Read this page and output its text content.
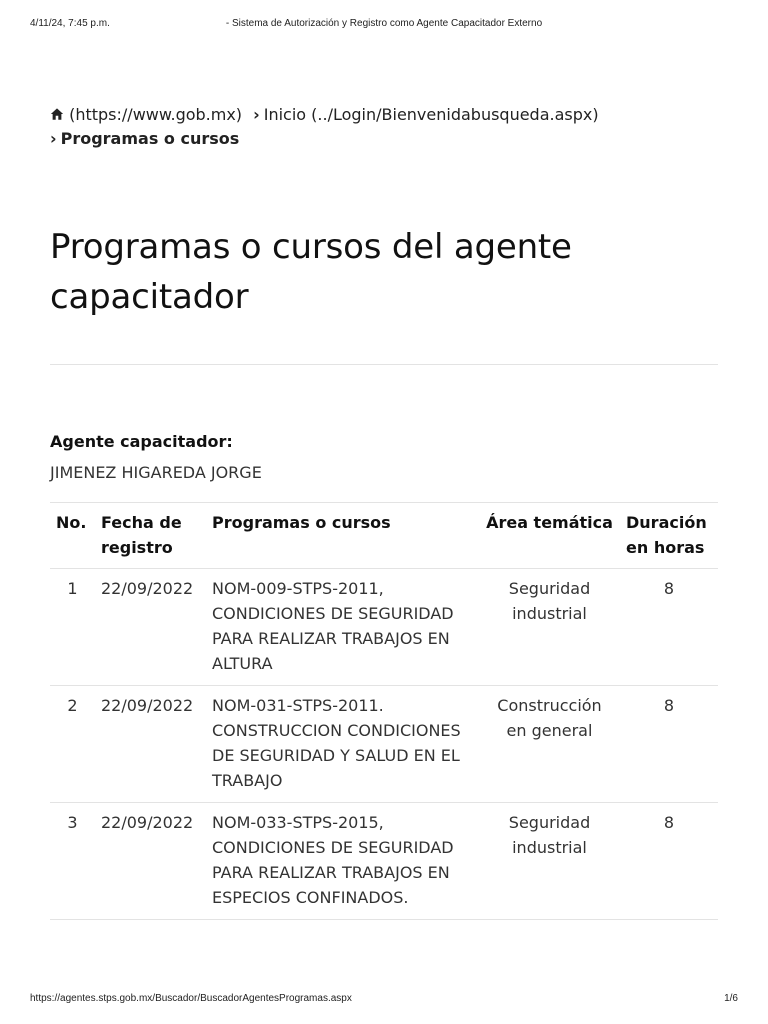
4/11/24, 7:45 p.m.	- Sistema de Autorización y Registro como Agente Capacitador Externo
(https://www.gob.mx) › Inicio (../Login/Bienvenidabusqueda.aspx)
› Programas o cursos
Programas o cursos del agente capacitador
Agente capacitador:
JIMENEZ HIGAREDA JORGE
No.	Fecha de registro	Programas o cursos	Área temática	Duración en horas
1	22/09/2022	NOM-009-STPS-2011, CONDICIONES DE SEGURIDAD PARA REALIZAR TRABAJOS EN ALTURA	Seguridad industrial	8
2	22/09/2022	NOM-031-STPS-2011. CONSTRUCCION CONDICIONES DE SEGURIDAD Y SALUD EN EL TRABAJO	Construcción en general	8
3	22/09/2022	NOM-033-STPS-2015, CONDICIONES DE SEGURIDAD PARA REALIZAR TRABAJOS EN ESPECIOS CONFINADOS.	Seguridad industrial	8
https://agentes.stps.gob.mx/Buscador/BuscadorAgentesProgramas.aspx	1/6
